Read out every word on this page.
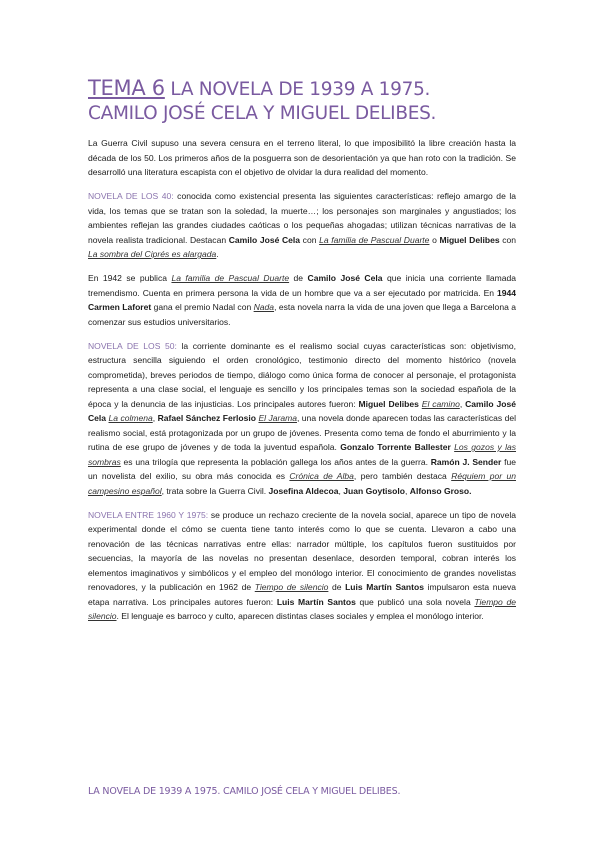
TEMA 6 LA NOVELA DE 1939 A 1975.
CAMILO JOSÉ CELA Y MIGUEL DELIBES.

La Guerra Civil supuso una severa censura en el terreno literal, lo que imposibilitó la libre creación hasta la década de los 50. Los primeros años de la posguerra son de desorientación ya que han roto con la tradición. Se desarrolló una literatura escapista con el objetivo de olvidar la dura realidad del momento.

NOVELA DE LOS 40: conocida como existencial presenta las siguientes características: reflejo amargo de la vida, los temas que se tratan son la soledad, la muerte…; los personajes son marginales y angustiados; los ambientes reflejan las grandes ciudades caóticas o los pequeñas ahogadas; utilizan técnicas narrativas de la novela realista tradicional. Destacan Camilo José Cela con La familia de Pascual Duarte o Miguel Delibes con La sombra del Ciprés es alargada.

En 1942 se publica La familia de Pascual Duarte de Camilo José Cela que inicia una corriente llamada tremendismo. Cuenta en primera persona la vida de un hombre que va a ser ejecutado por matricida. En 1944 Carmen Laforet gana el premio Nadal con Nada, esta novela narra la vida de una joven que llega a Barcelona a comenzar sus estudios universitarios.

NOVELA DE LOS 50: la corriente dominante es el realismo social cuyas características son: objetivismo, estructura sencilla siguiendo el orden cronológico, testimonio directo del momento histórico (novela comprometida), breves periodos de tiempo, diálogo como única forma de conocer al personaje, el protagonista representa a una clase social, el lenguaje es sencillo y los principales temas son la sociedad española de la época y la denuncia de las injusticias. Los principales autores fueron: Miguel Delibes El camino, Camilo José Cela La colmena, Rafael Sánchez Ferlosio El Jarama, una novela donde aparecen todas las características del realismo social, está protagonizada por un grupo de jóvenes. Presenta como tema de fondo el aburrimiento y la rutina de ese grupo de jóvenes y de toda la juventud española. Gonzalo Torrente Ballester Los gozos y las sombras es una trilogía que representa la población gallega los años antes de la guerra. Ramón J. Sender fue un novelista del exilio, su obra más conocida es Crónica de Alba, pero también destaca Réquiem por un campesino español, trata sobre la Guerra Civil. Josefina Aldecoa, Juan Goytisolo, Alfonso Groso.

NOVELA ENTRE 1960 Y 1975: se produce un rechazo creciente de la novela social, aparece un tipo de novela experimental donde el cómo se cuenta tiene tanto interés como lo que se cuenta. Llevaron a cabo una renovación de las técnicas narrativas entre ellas: narrador múltiple, los capítulos fueron sustituidos por secuencias, la mayoría de las novelas no presentan desenlace, desorden temporal, cobran interés los elementos imaginativos y simbólicos y el empleo del monólogo interior. El conocimiento de grandes novelistas renovadores, y la publicación en 1962 de Tiempo de silencio de Luis Martín Santos impulsaron esta nueva etapa narrativa. Los principales autores fueron: Luis Martín Santos que publicó una sola novela Tiempo de silencio. El lenguaje es barroco y culto, aparecen distintas clases sociales y emplea el monólogo interior.

LA NOVELA DE 1939 A 1975. CAMILO JOSÉ CELA Y MIGUEL DELIBES.
